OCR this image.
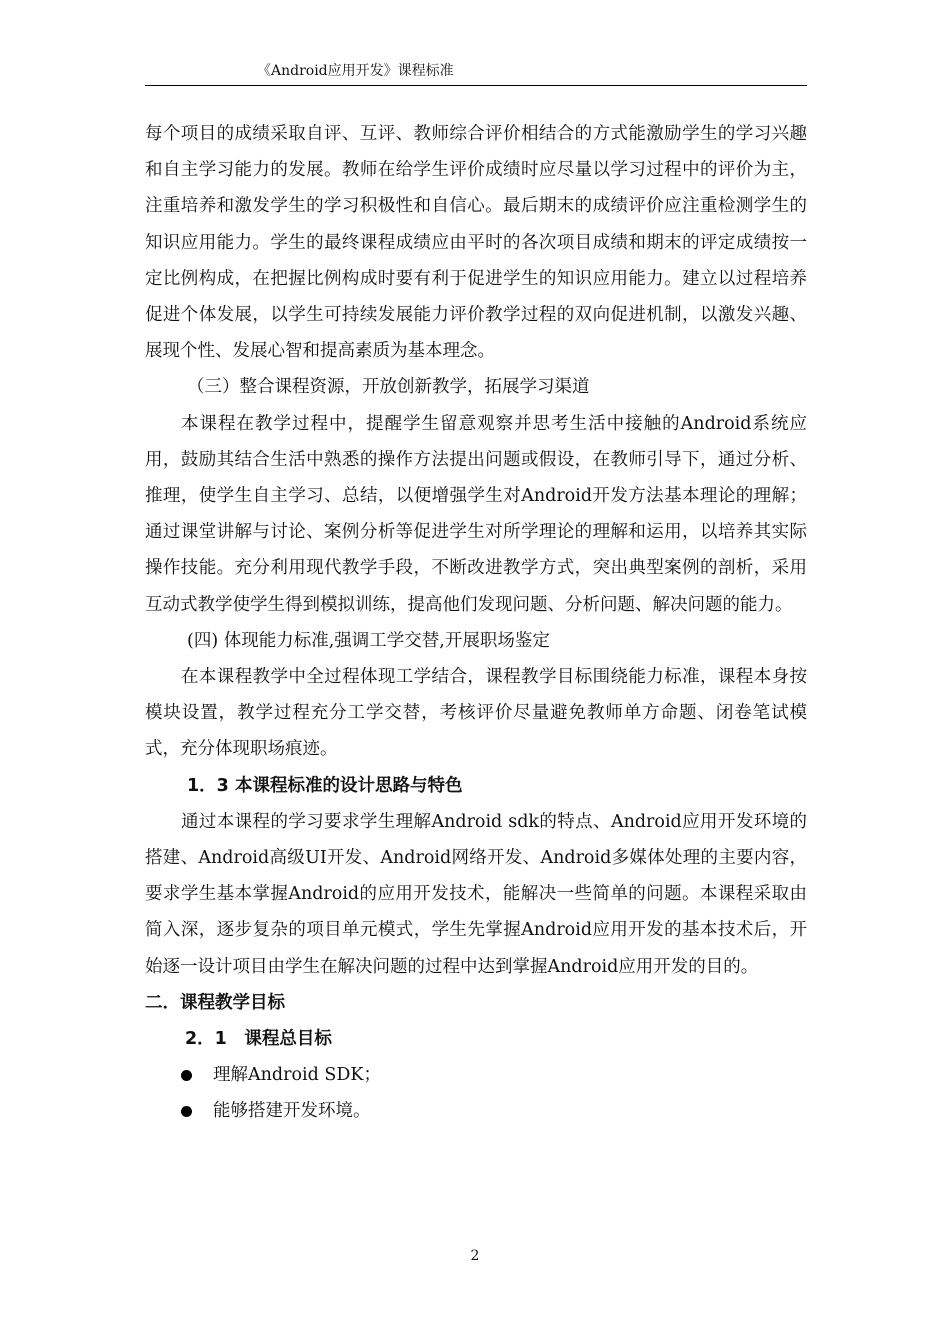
《Android应用开发》课程标准

每个项目的成绩采取自评、互评、教师综合评价相结合的方式能激励学生的学习兴趣和自主学习能力的发展。教师在给学生评价成绩时应尽量以学习过程中的评价为主，注重培养和激发学生的学习积极性和自信心。最后期末的成绩评价应注重检测学生的知识应用能力。学生的最终课程成绩应由平时的各次项目成绩和期末的评定成绩按一定比例构成，在把握比例构成时要有利于促进学生的知识应用能力。建立以过程培养促进个体发展，以学生可持续发展能力评价教学过程的双向促进机制，以激发兴趣、展现个性、发展心智和提高素质为基本理念。

（三）整合课程资源，开放创新教学，拓展学习渠道

本课程在教学过程中，提醒学生留意观察并思考生活中接触的Android系统应用，鼓励其结合生活中熟悉的操作方法提出问题或假设，在教师引导下，通过分析、推理，使学生自主学习、总结，以便增强学生对Android开发方法基本理论的理解；通过课堂讲解与讨论、案例分析等促进学生对所学理论的理解和运用，以培养其实际操作技能。充分利用现代教学手段，不断改进教学方式，突出典型案例的剖析，采用互动式教学使学生得到模拟训练，提高他们发现问题、分析问题、解决问题的能力。

(四) 体现能力标准,强调工学交替,开展职场鉴定

在本课程教学中全过程体现工学结合，课程教学目标围绕能力标准，课程本身按模块设置，教学过程充分工学交替，考核评价尽量避免教师单方命题、闭卷笔试模式，充分体现职场痕迹。

1．3 本课程标准的设计思路与特色

通过本课程的学习要求学生理解Android sdk的特点、Android应用开发环境的搭建、Android高级UI开发、Android网络开发、Android多媒体处理的主要内容，要求学生基本掌握Android的应用开发技术，能解决一些简单的问题。本课程采取由简入深，逐步复杂的项目单元模式，学生先掌握Android应用开发的基本技术后，开始逐一设计项目由学生在解决问题的过程中达到掌握Android应用开发的目的。

二．课程教学目标

2．1　课程总目标

理解Android SDK；

能够搭建开发环境。

2
